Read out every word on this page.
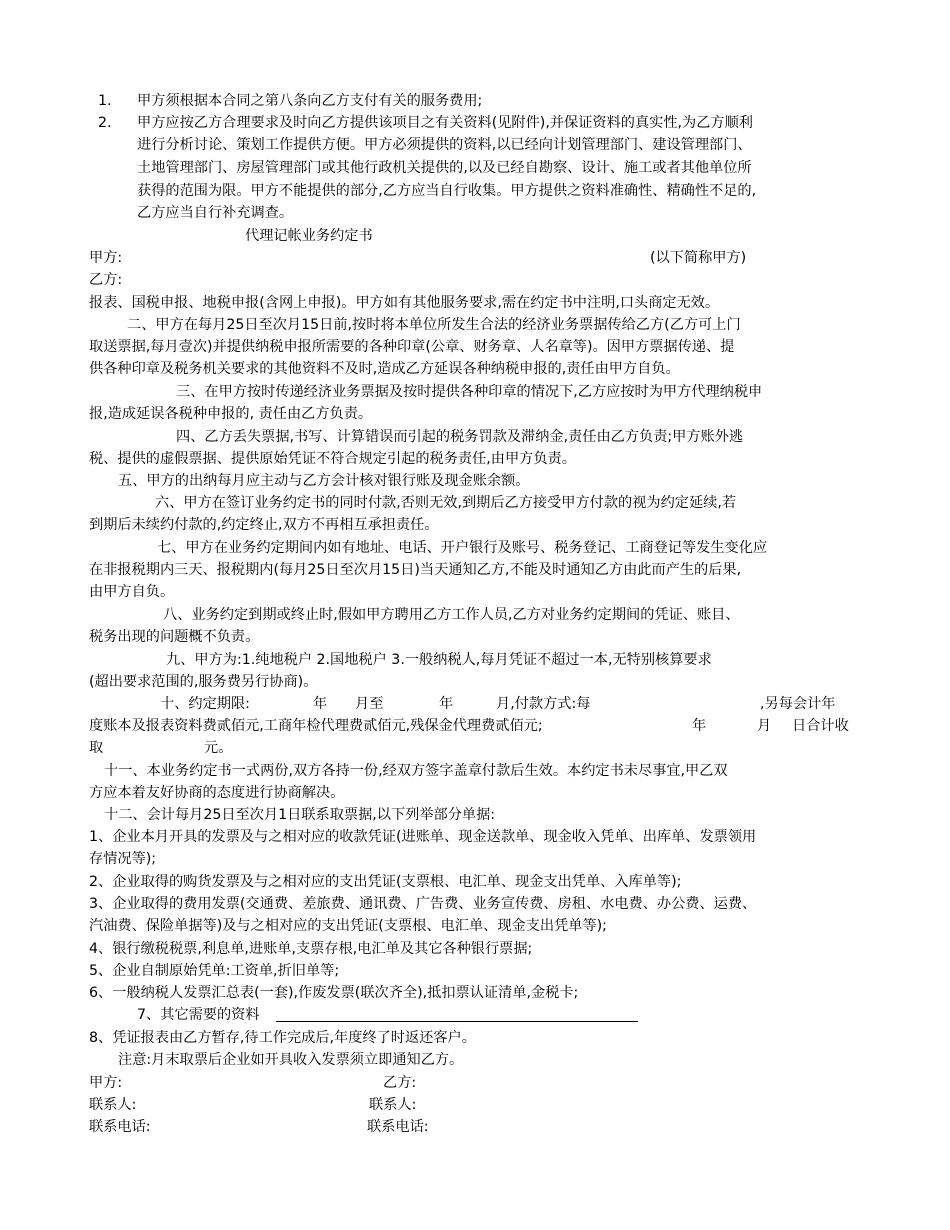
1. 甲方须根据本合同之第八条向乙方支付有关的服务费用;
2. 甲方应按乙方合理要求及时向乙方提供该项目之有关资料(见附件),并保证资料的真实性,为乙方顺利
进行分析讨论、策划工作提供方便。甲方必须提供的资料,以已经向计划管理部门、建设管理部门、
土地管理部门、房屋管理部门或其他行政机关提供的,以及已经自勘察、设计、施工或者其他单位所
获得的范围为限。甲方不能提供的部分,乙方应当自行收集。甲方提供之资料准确性、精确性不足的,
乙方应当自行补充调查。
代理记帐业务约定书
甲方:	(以下简称甲方)
乙方:
报表、国税申报、地税申报(含网上申报)。甲方如有其他服务要求,需在约定书中注明,口头商定无效。
二、甲方在每月25日至次月15日前,按时将本单位所发生合法的经济业务票据传给乙方(乙方可上门
取送票据,每月壹次)并提供纳税申报所需要的各种印章(公章、财务章、人名章等)。因甲方票据传递、提
供各种印章及税务机关要求的其他资料不及时,造成乙方延误各种纳税申报的,责任由甲方自负。
三、在甲方按时传递经济业务票据及按时提供各种印章的情况下,乙方应按时为甲方代理纳税申
报,造成延误各税种申报的, 责任由乙方负责。
四、乙方丢失票据,书写、计算错误而引起的税务罚款及滞纳金,责任由乙方负责;甲方账外逃
税、提供的虚假票据、提供原始凭证不符合规定引起的税务责任,由甲方负责。
五、甲方的出纳每月应主动与乙方会计核对银行账及现金账余额。
六、甲方在签订业务约定书的同时付款,否则无效,到期后乙方接受甲方付款的视为约定延续,若
到期后未续约付款的,约定终止,双方不再相互承担责任。
七、甲方在业务约定期间内如有地址、电话、开户银行及账号、税务登记、工商登记等发生变化应
在非报税期内三天、报税期内(每月25日至次月15日)当天通知乙方,不能及时通知乙方由此而产生的后果,
由甲方自负。
八、业务约定到期或终止时,假如甲方聘用乙方工作人员,乙方对业务约定期间的凭证、账目、
税务出现的问题概不负责。
九、甲方为:1.纯地税户 2.国地税户 3.一般纳税人,每月凭证不超过一本,无特别核算要求
(超出要求范围的,服务费另行协商)。
十、约定期限:	年 月至	年	月,付款方式:每	,另每会计年
度账本及报表资料费贰佰元,工商年检代理费贰佰元,残保金代理费贰佰元;	年	月 日合计收
取	元。
十一、本业务约定书一式两份,双方各持一份,经双方签字盖章付款后生效。本约定书未尽事宜,甲乙双
方应本着友好协商的态度进行协商解决。
十二、会计每月25日至次月1日联系取票据,以下列举部分单据:
1、企业本月开具的发票及与之相对应的收款凭证(进账单、现金送款单、现金收入凭单、出库单、发票领用
存情况等);
2、企业取得的购货发票及与之相对应的支出凭证(支票根、电汇单、现金支出凭单、入库单等);
3、企业取得的费用发票(交通费、差旅费、通讯费、广告费、业务宣传费、房租、水电费、办公费、运费、
汽油费、保险单据等)及与之相对应的支出凭证(支票根、电汇单、现金支出凭单等);
4、银行缴税税票,利息单,进账单,支票存根,电汇单及其它各种银行票据;
5、企业自制原始凭单:工资单,折旧单等;
6、一般纳税人发票汇总表(一套),作废发票(联次齐全),抵扣票认证清单,金税卡;
7、其它需要的资料
8、凭证报表由乙方暂存,待工作完成后,年度终了时返还客户。
注意:月末取票后企业如开具收入发票须立即通知乙方。
甲方:	乙方:
联系人:	联系人:
联系电话:	联系电话:
